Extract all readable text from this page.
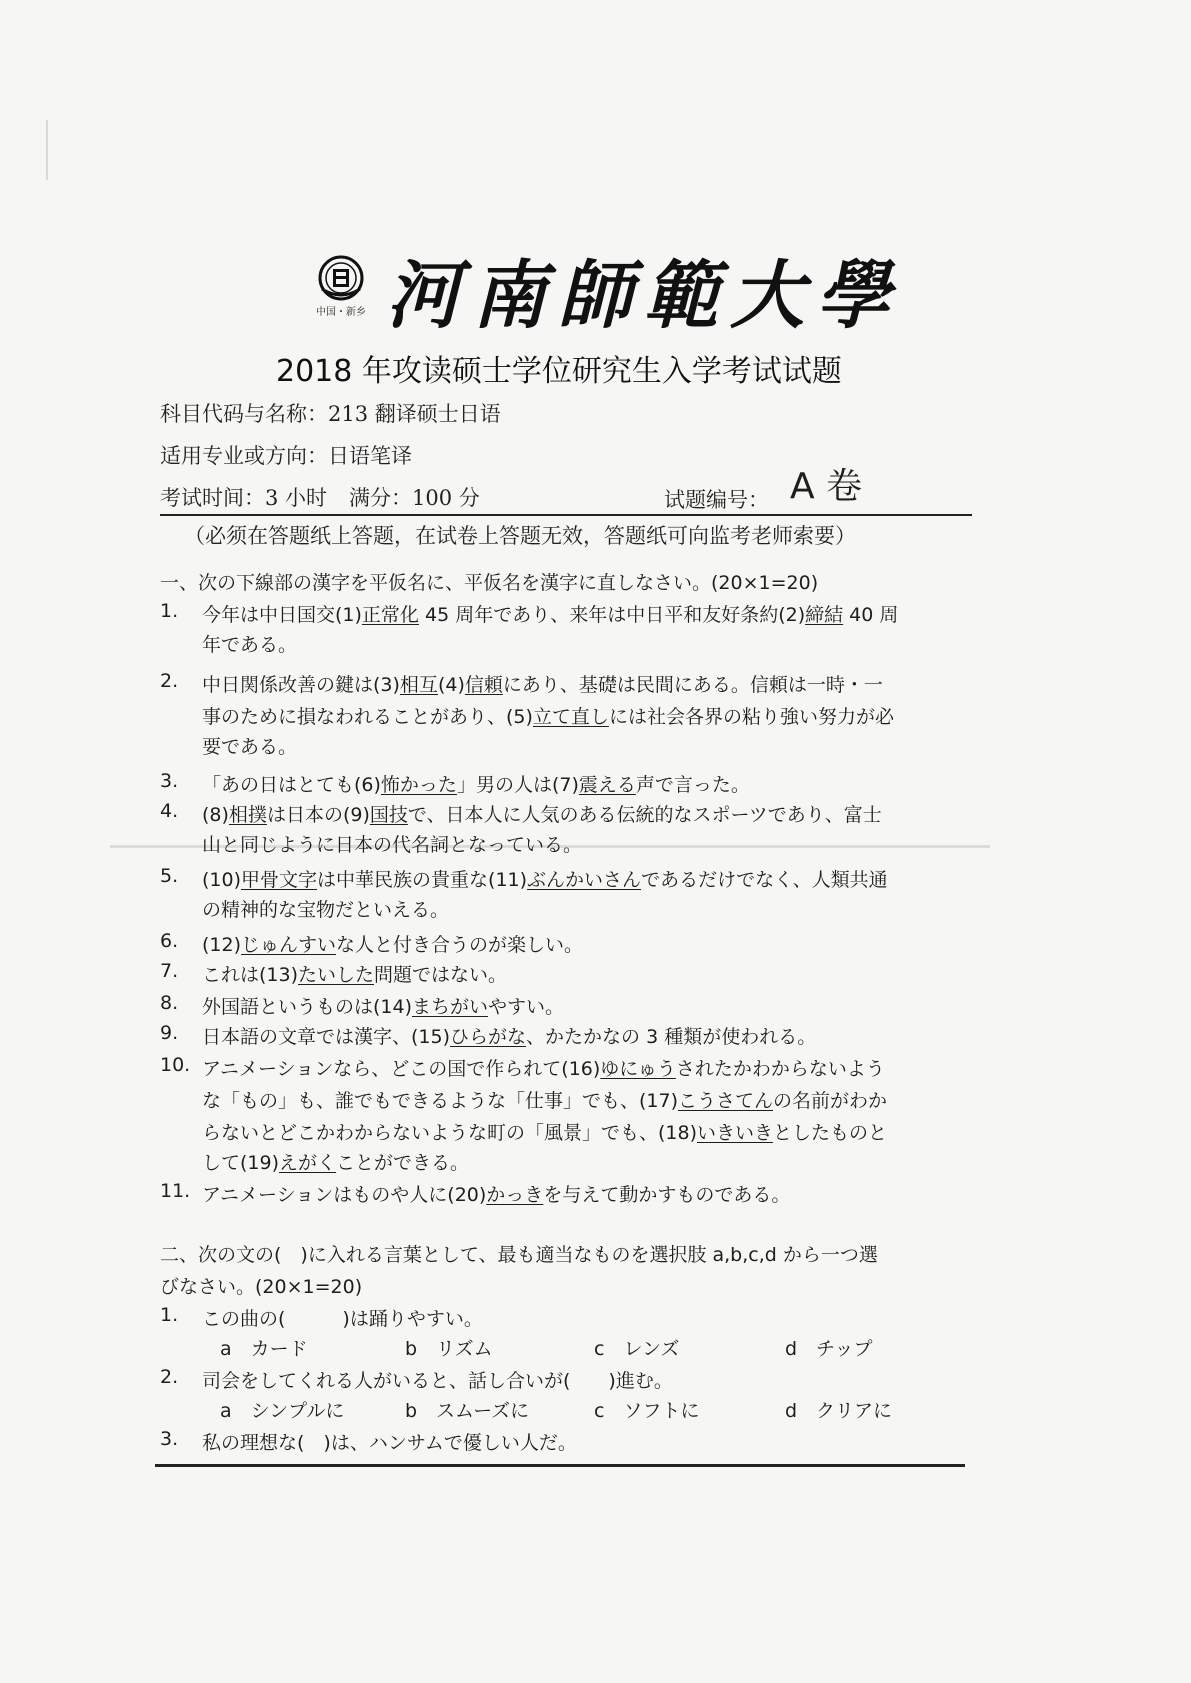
中国・新乡 河南師範大學
2018 年攻读硕士学位研究生入学考试试题
科目代码与名称：213 翻译硕士日语
适用专业或方向：日语笔译
考试时间：3 小时 满分：100 分	试题编号： A 卷
（必须在答题纸上答题，在试卷上答题无效，答题纸可向监考老师索要）
一、次の下線部の漢字を平仮名に、平仮名を漢字に直しなさい。(20×1=20)
1. 今年は中日国交(1)正常化 45 周年であり、来年は中日平和友好条約(2)締結 40 周
年である。
2. 中日関係改善の鍵は(3)相互(4)信頼にあり、基礎は民間にある。信頼は一時・一
事のために損なわれることがあり、(5)立て直しには社会各界の粘り強い努力が必
要である。
3. 「あの日はとても(6)怖かった」男の人は(7)震える声で言った。
4. (8)相撲は日本の(9)国技で、日本人に人気のある伝統的なスポーツであり、富士
山と同じように日本の代名詞となっている。
5. (10)甲骨文字は中華民族の貴重な(11)ぶんかいさんであるだけでなく、人類共通
の精神的な宝物だといえる。
6. (12)じゅんすいな人と付き合うのが楽しい。
7. これは(13)たいした問題ではない。
8. 外国語というものは(14)まちがいやすい。
9. 日本語の文章では漢字、(15)ひらがな、かたかなの 3 種類が使われる。
10. アニメーションなら、どこの国で作られて(16)ゆにゅうされたかわからないよう
な「もの」も、誰でもできるような「仕事」でも、(17)こうさてんの名前がわか
らないとどこかわからないような町の「風景」でも、(18)いきいきとしたものと
して(19)えがくことができる。
11. アニメーションはものや人に(20)かっきを与えて動かすものである。
二、次の文の(　)に入れる言葉として、最も適当なものを選択肢 a,b,c,d から一つ選
びなさい。(20×1=20)
1. この曲の(　　　)は踊りやすい。
a　カード	b　リズム	c　レンズ	d　チップ
2. 司会をしてくれる人がいると、話し合いが(　　)進む。
a　シンプルに	b　スムーズに	c　ソフトに	d　クリアに
3. 私の理想な(　)は、ハンサムで優しい人だ。
